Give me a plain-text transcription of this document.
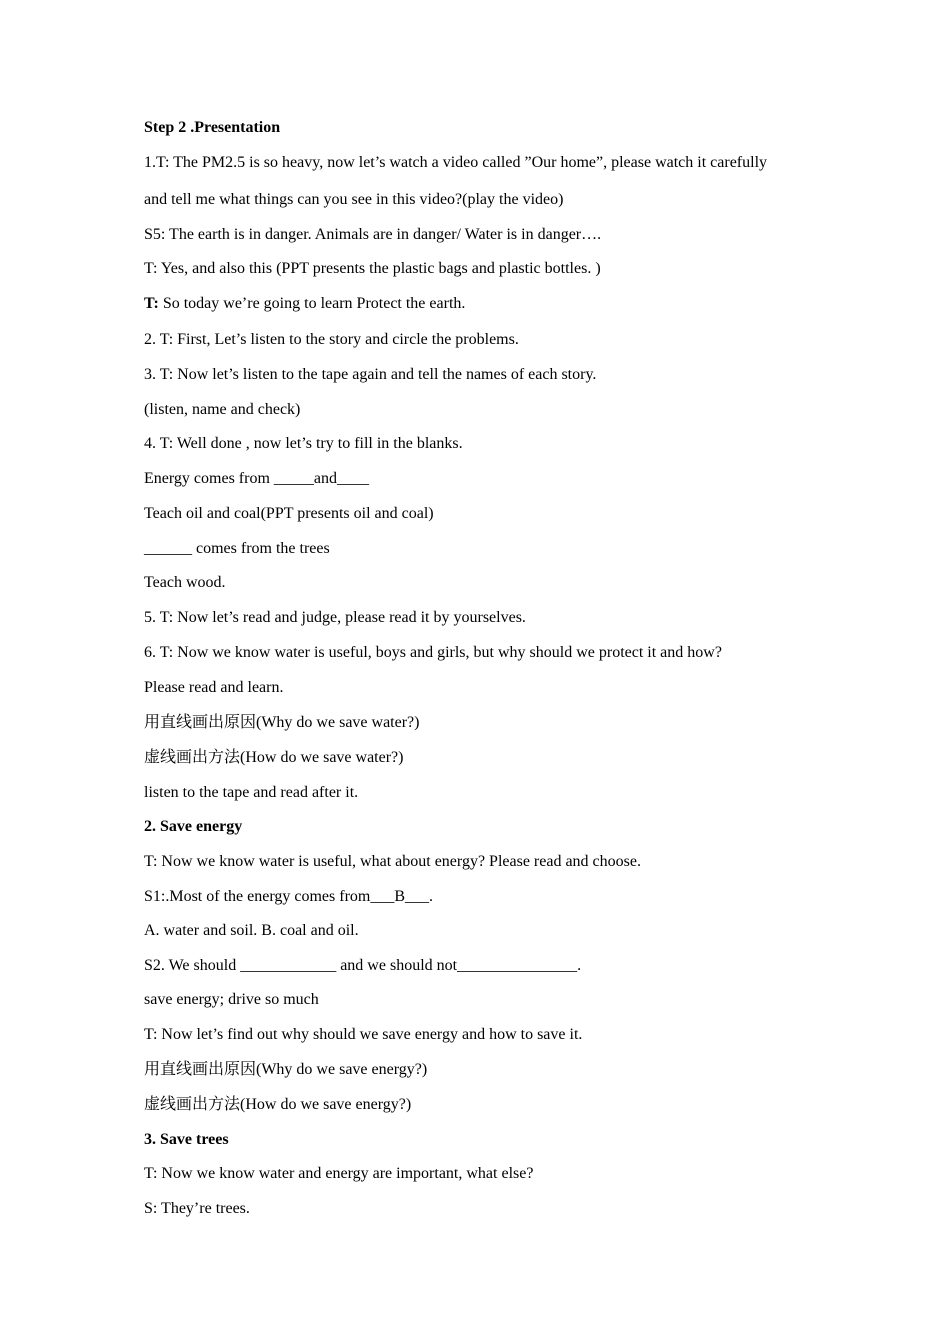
Step 2 .Presentation
1.T: The PM2.5 is so heavy, now let’s watch a video called ”Our home”, please watch it carefully
and tell me what things can you see in this video?(play the video)
S5: The earth is in danger. Animals are in danger/ Water is in danger….
T: Yes, and also this (PPT presents the plastic bags and plastic bottles. )
T: So today we’re going to learn Protect the earth.
2. T: First, Let’s listen to the story and circle the problems.
3. T: Now let’s listen to the tape again and tell the names of each story.
(listen, name and check)
4. T: Well done , now let’s try to fill in the blanks.
Energy comes from _____and____
Teach oil and coal(PPT presents oil and coal)
______ comes from the trees
Teach wood.
5. T: Now let’s read and judge, please read it by yourselves.
6. T: Now we know water is useful, boys and girls, but why should we protect it and how?
Please read and learn.
用直线画出原因(Why do we save water?)
虚线画出方法(How do we save water?)
listen to the tape and read after it.
2. Save energy
T: Now we know water is useful, what about energy? Please read and choose.
S1:.Most of the energy comes from___B___.
A. water and soil. B. coal and oil.
S2. We should ____________ and we should not_______________.
save energy; drive so much
T: Now let’s find out why should we save energy and how to save it.
用直线画出原因(Why do we save energy?)
虚线画出方法(How do we save energy?)
3. Save trees
T: Now we know water and energy are important, what else?
S: They’re trees.
